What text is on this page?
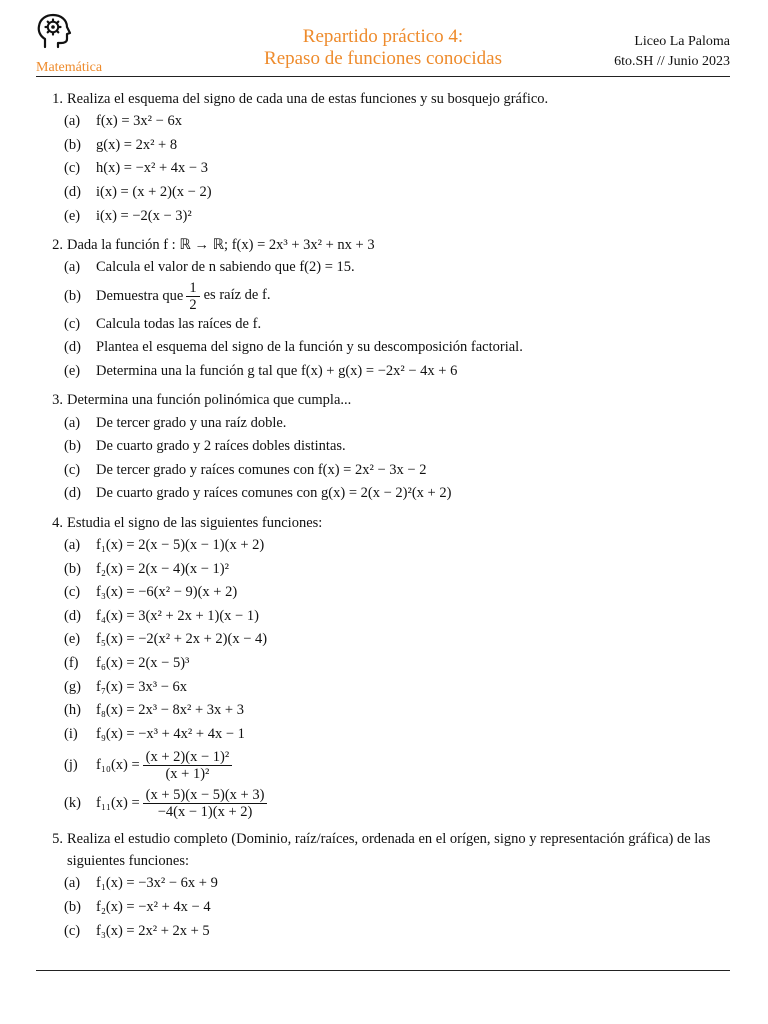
Matemática
Repartido práctico 4:
Repaso de funciones conocidas
Liceo La Paloma
6to.SH // Junio 2023
1. Realiza el esquema del signo de cada una de estas funciones y su bosquejo gráfico.
(a)	f(x) = 3x² − 6x
(b)	g(x) = 2x² + 8
(c)	h(x) = −x² + 4x − 3
(d)	i(x) = (x + 2)(x − 2)
(e)	i(x) = −2(x − 3)²
2. Dada la función f : ℝ → ℝ; f(x) = 2x³ + 3x² + nx + 3
(a)	Calcula el valor de n sabiendo que f(2) = 15.
(b)	Demuestra que $\frac{1}{2}$ es raíz de f.
(c)	Calcula todas las raíces de f.
(d)	Plantea el esquema del signo de la función y su descomposición factorial.
(e)	Determina una la función g tal que f(x) + g(x) = −2x² − 4x + 6
3. Determina una función polinómica que cumpla...
(a)	De tercer grado y una raíz doble.
(b)	De cuarto grado y 2 raíces dobles distintas.
(c)	De tercer grado y raíces comunes con f(x) = 2x² − 3x − 2
(d)	De cuarto grado y raíces comunes con g(x) = 2(x − 2)²(x + 2)
4. Estudia el signo de las siguientes funciones:
(a)	f₁(x) = 2(x − 5)(x − 1)(x + 2)
(b)	f₂(x) = 2(x − 4)(x − 1)²
(c)	f₃(x) = −6(x² − 9)(x + 2)
(d)	f₄(x) = 3(x² + 2x + 1)(x − 1)
(e)	f₅(x) = −2(x² + 2x + 2)(x − 4)
(f)	f₆(x) = 2(x − 5)³
(g)	f₇(x) = 3x³ − 6x
(h)	f₈(x) = 2x³ − 8x² + 3x + 3
(i)	f₉(x) = −x³ + 4x² + 4x − 1
(j)	$f_{10}(x) = \frac{\text{(x + 2)(x − 1)²}}{\text{(x + 1)²}}$
(k)	$f_{11}(x) = \frac{(x + 5)(x - 5)(x + 3)}{-4(x - 1)(x + 2)}$
5. Realiza el estudio completo (Dominio, raíz/raíces, ordenada en el orígen, signo y representación gráfica) de las siguientes funciones:
(a)	f₁(x) = −3x² − 6x + 9
(b)	f₂(x) = −x² + 4x − 4
(c)	f₃(x) = 2x² + 2x + 5
